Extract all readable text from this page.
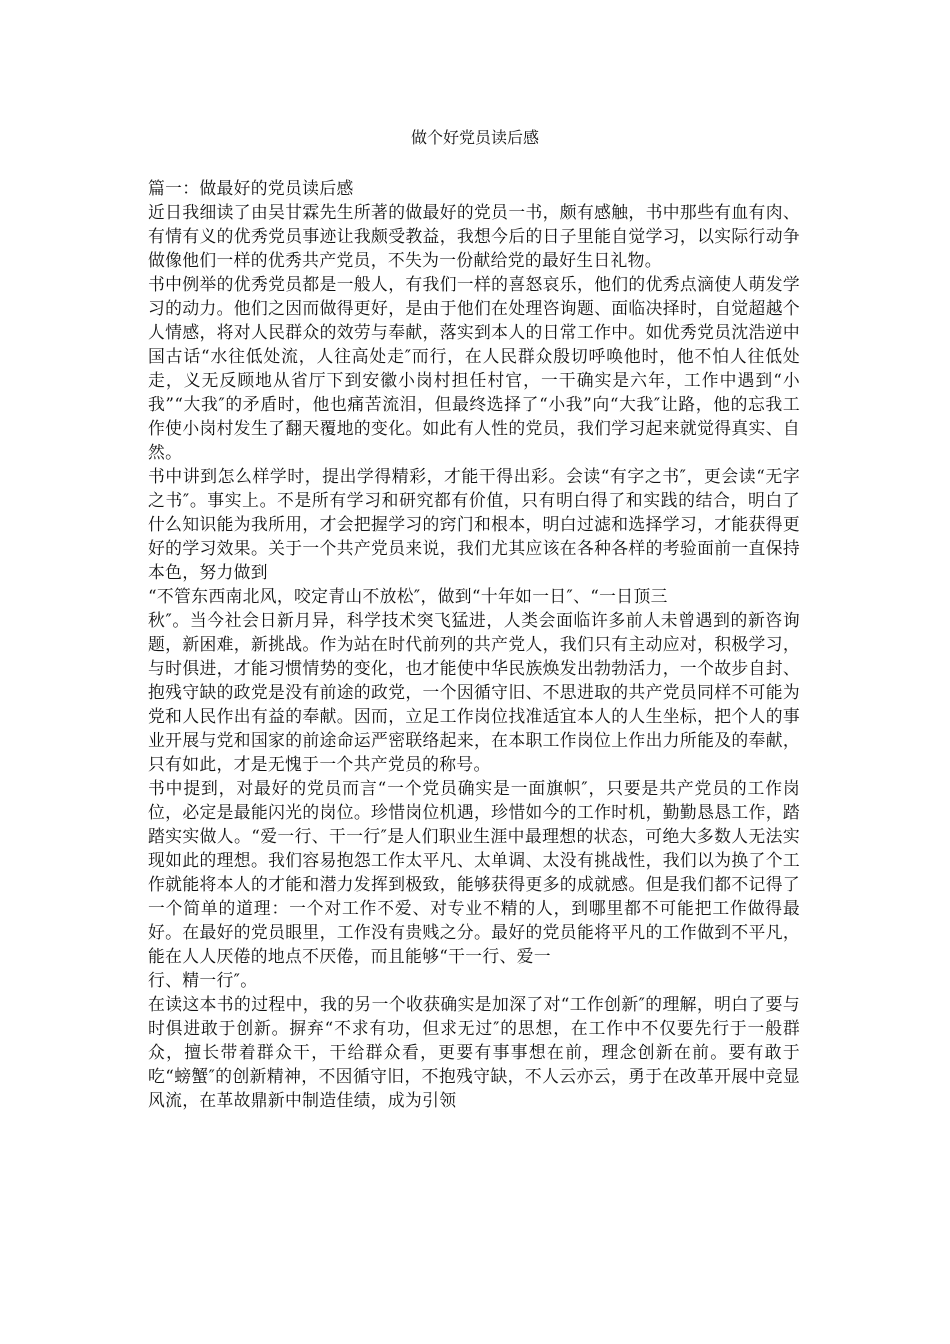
做个好党员读后感

篇一：做最好的党员读后感

近日我细读了由吴甘霖先生所著的做最好的党员一书，颇有感触，书中那些有血有肉、有情有义的优秀党员事迹让我颇受教益，我想今后的日子里能自觉学习，以实际行动争做像他们一样的优秀共产党员，不失为一份献给党的最好生日礼物。

书中例举的优秀党员都是一般人，有我们一样的喜怒哀乐，他们的优秀点滴使人萌发学习的动力。他们之因而做得更好，是由于他们在处理咨询题、面临决择时，自觉超越个人情感，将对人民群众的效劳与奉献，落实到本人的日常工作中。如优秀党员沈浩逆中国古话“水往低处流，人往高处走″而行，在人民群众殷切呼唤他时，他不怕人往低处走，义无反顾地从省厅下到安徽小岗村担任村官，一干确实是六年，工作中遇到“小我”“大我″的矛盾时，他也痛苦流泪，但最终选择了“小我”向“大我″让路，他的忘我工作使小岗村发生了翻天覆地的变化。如此有人性的党员，我们学习起来就觉得真实、自然。

书中讲到怎么样学时，提出学得精彩，才能干得出彩。会读“有字之书″，更会读“无字之书″。事实上。不是所有学习和研究都有价值，只有明白得了和实践的结合，明白了什么知识能为我所用，才会把握学习的窍门和根本，明白过滤和选择学习，才能获得更好的学习效果。关于一个共产党员来说，我们尤其应该在各种各样的考验面前一直保持本色，努力做到

“不管东西南北风，咬定青山不放松″，做到“十年如一日″、“一日顶三

秋″。当今社会日新月异，科学技术突飞猛进，人类会面临许多前人未曾遇到的新咨询题，新困难，新挑战。作为站在时代前列的共产党人，我们只有主动应对，积极学习，与时俱进，才能习惯情势的变化，也才能使中华民族焕发出勃勃活力，一个故步自封、抱残守缺的政党是没有前途的政党，一个因循守旧、不思进取的共产党员同样不可能为党和人民作出有益的奉献。因而，立足工作岗位找准适宜本人的人生坐标，把个人的事业开展与党和国家的前途命运严密联络起来，在本职工作岗位上作出力所能及的奉献，只有如此，才是无愧于一个共产党员的称号。

书中提到，对最好的党员而言“一个党员确实是一面旗帜″，只要是共产党员的工作岗位，必定是最能闪光的岗位。珍惜岗位机遇，珍惜如今的工作时机，勤勤恳恳工作，踏踏实实做人。“爱一行、干一行″是人们职业生涯中最理想的状态，可绝大多数人无法实现如此的理想。我们容易抱怨工作太平凡、太单调、太没有挑战性，我们以为换了个工作就能将本人的才能和潜力发挥到极致，能够获得更多的成就感。但是我们都不记得了一个简单的道理：一个对工作不爱、对专业不精的人，到哪里都不可能把工作做得最好。在最好的党员眼里，工作没有贵贱之分。最好的党员能将平凡的工作做到不平凡，能在人人厌倦的地点不厌倦，而且能够“干一行、爱一

行、精一行″。

在读这本书的过程中，我的另一个收获确实是加深了对“工作创新″的理解，明白了要与时俱进敢于创新。摒弃“不求有功，但求无过″的思想，在工作中不仅要先行于一般群众，擅长带着群众干，干给群众看，更要有事事想在前，理念创新在前。要有敢于吃“螃蟹″的创新精神，不因循守旧，不抱残守缺，不人云亦云，勇于在改革开展中竞显风流，在革故鼎新中制造佳绩，成为引领
